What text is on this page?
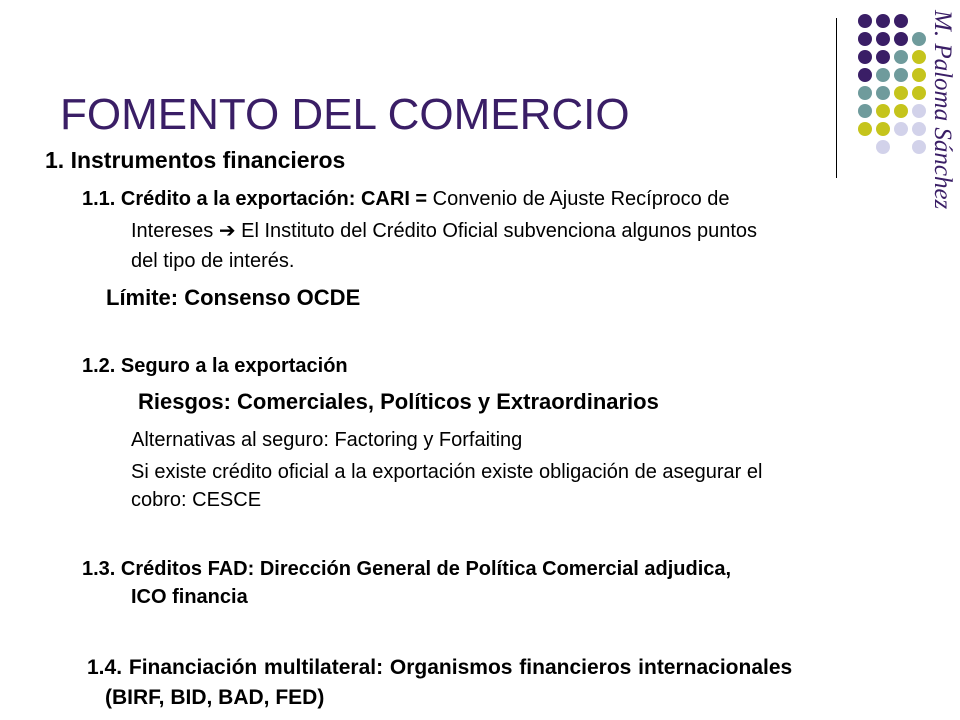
M. Paloma Sánchez
FOMENTO DEL COMERCIO
1. Instrumentos financieros
1.1. Crédito a la exportación: CARI = Convenio de Ajuste Recíproco de
Intereses ➔ El Instituto del Crédito Oficial subvenciona algunos puntos
del tipo de interés.
Límite: Consenso OCDE
1.2. Seguro a la exportación
Riesgos: Comerciales, Políticos y Extraordinarios
Alternativas al seguro: Factoring y Forfaiting
Si existe crédito oficial a la exportación existe obligación de asegurar el
cobro: CESCE
1.3. Créditos FAD: Dirección General de Política Comercial adjudica,
ICO financia
1.4. Financiación multilateral: Organismos financieros internacionales
(BIRF, BID, BAD, FED)
